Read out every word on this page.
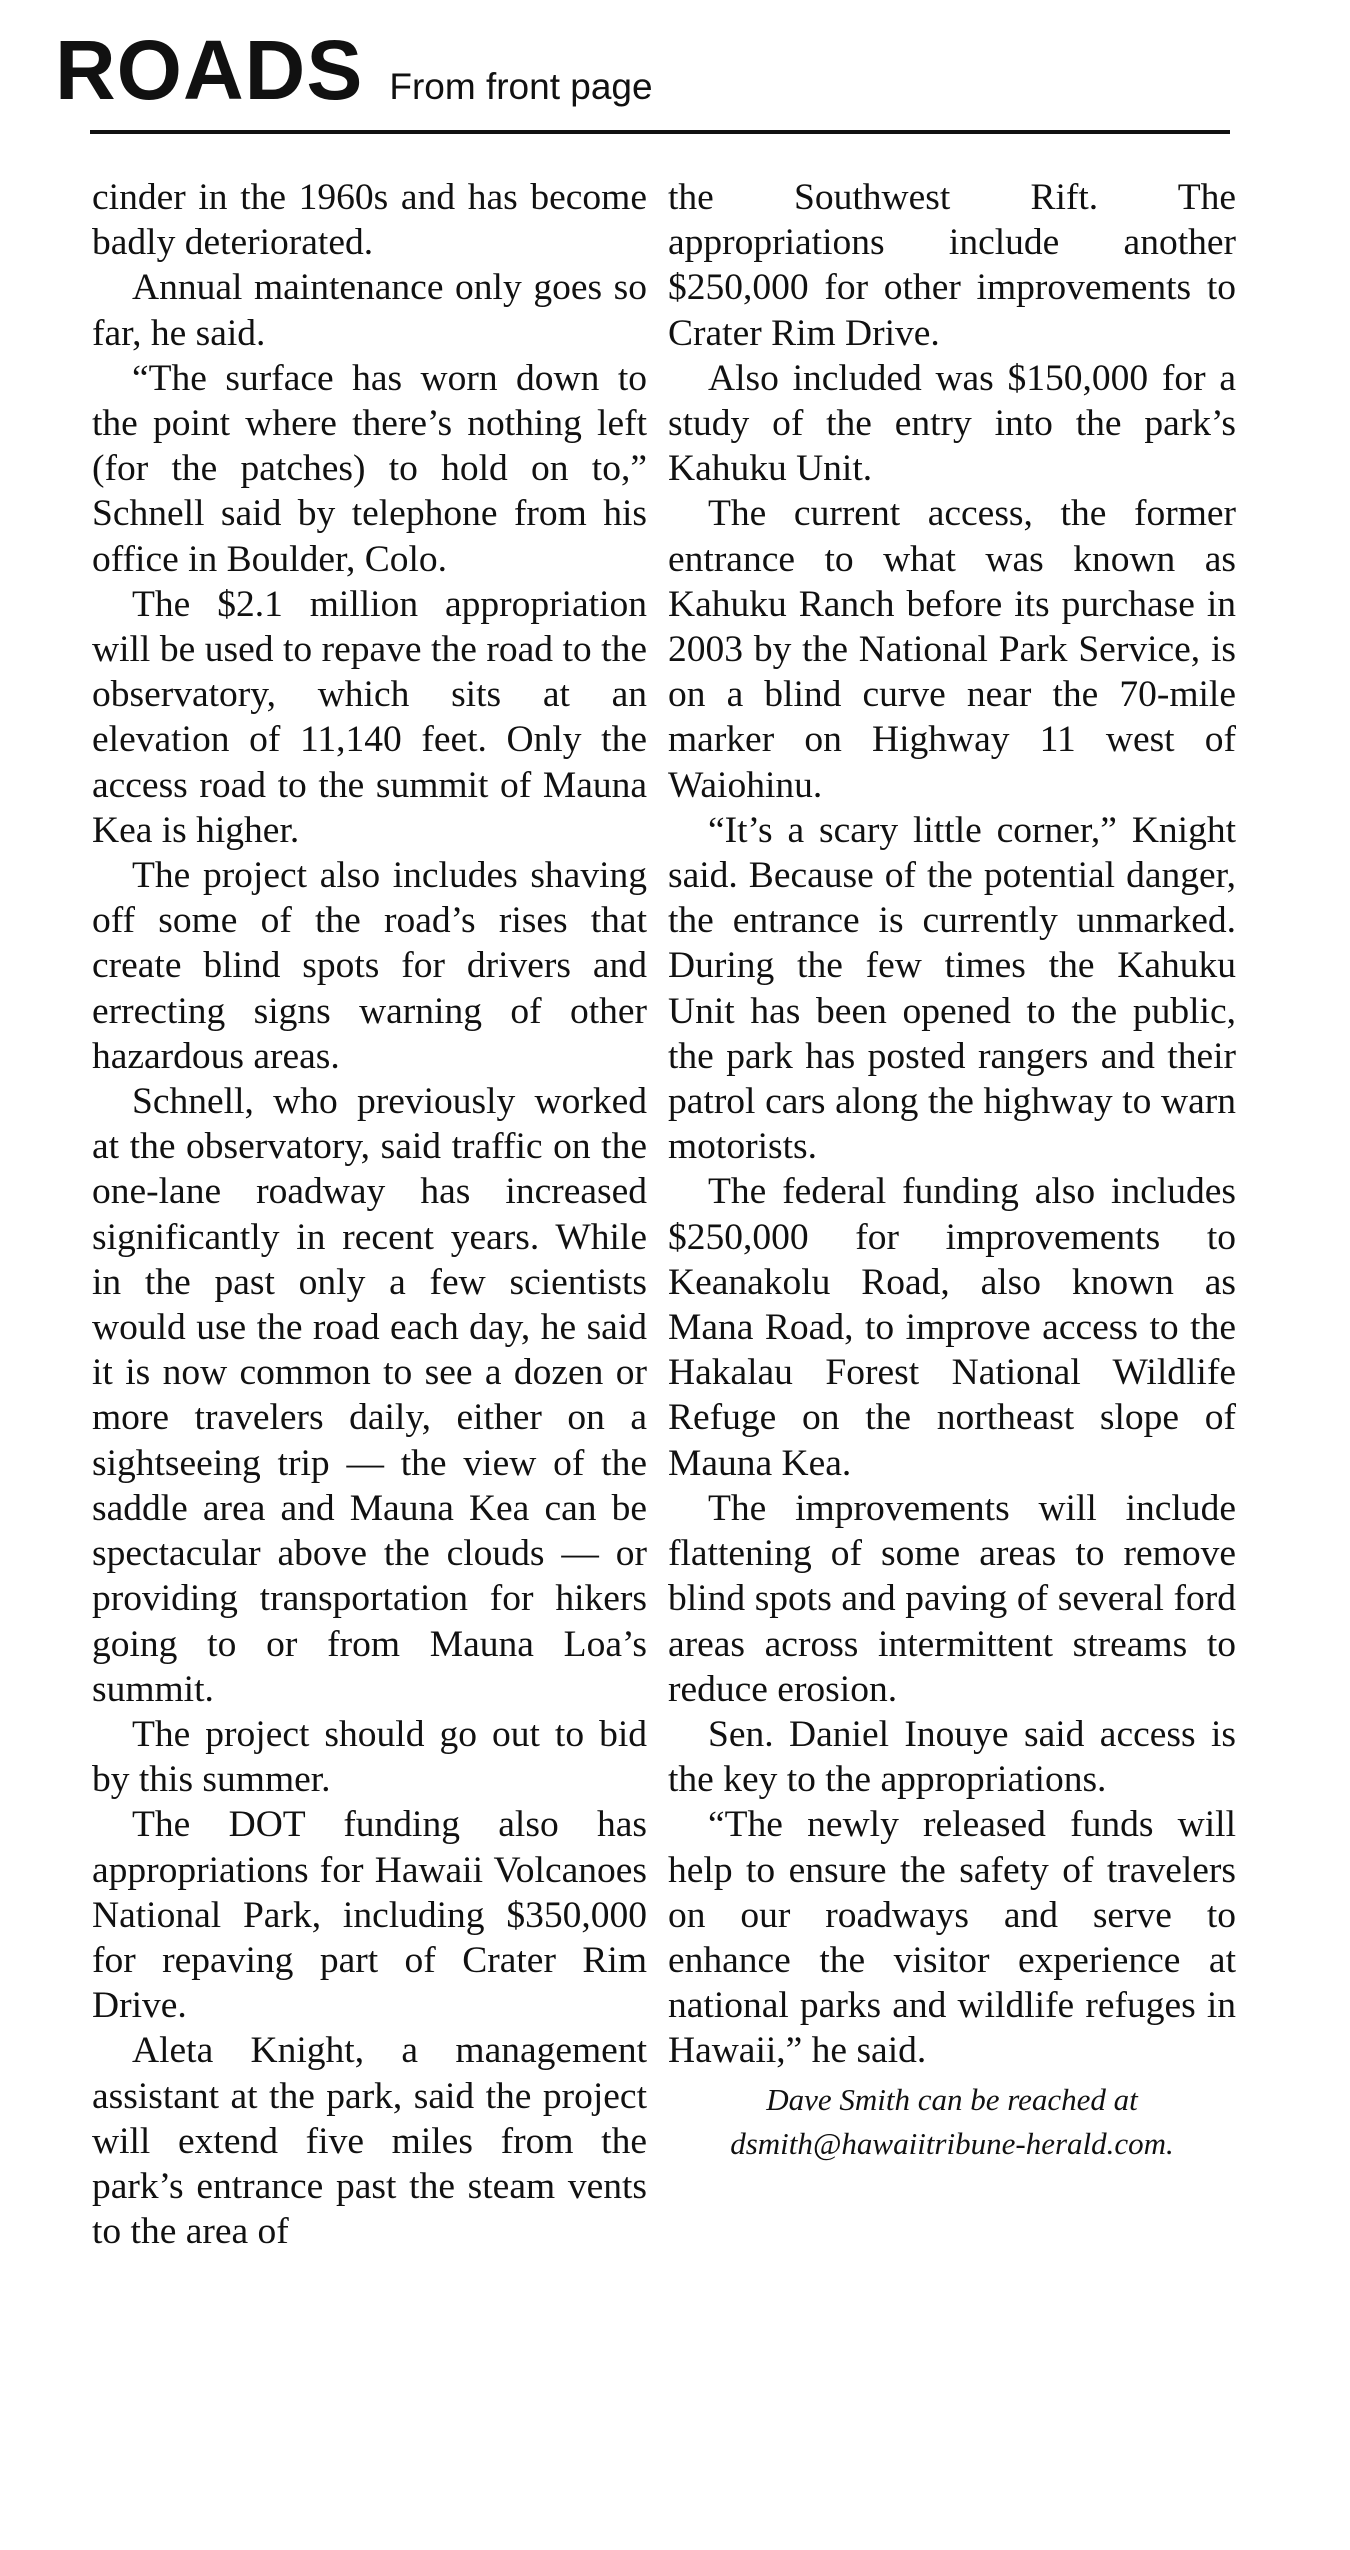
ROADS From front page

cinder in the 1960s and has become badly deteriorated.

Annual maintenance only goes so far, he said.

“The surface has worn down to the point where there’s nothing left (for the patches) to hold on to,” Schnell said by telephone from his office in Boulder, Colo.

The $2.1 million appropriation will be used to repave the road to the observatory, which sits at an elevation of 11,140 feet. Only the access road to the summit of Mauna Kea is higher.

The project also includes shaving off some of the road’s rises that create blind spots for drivers and errecting signs warning of other hazardous areas.

Schnell, who previously worked at the observatory, said traffic on the one-lane roadway has increased significantly in recent years. While in the past only a few scientists would use the road each day, he said it is now common to see a dozen or more travelers daily, either on a sightseeing trip — the view of the saddle area and Mauna Kea can be spectacular above the clouds — or providing transportation for hikers going to or from Mauna Loa’s summit.

The project should go out to bid by this summer.

The DOT funding also has appropriations for Hawaii Volcanoes National Park, including $350,000 for repaving part of Crater Rim Drive.

Aleta Knight, a management assistant at the park, said the project will extend five miles from the park’s entrance past the steam vents to the area of

the Southwest Rift. The appropriations include another $250,000 for other improvements to Crater Rim Drive.

Also included was $150,000 for a study of the entry into the park’s Kahuku Unit.

The current access, the former entrance to what was known as Kahuku Ranch before its purchase in 2003 by the National Park Service, is on a blind curve near the 70-mile marker on Highway 11 west of Waiohinu.

“It’s a scary little corner,” Knight said. Because of the potential danger, the entrance is currently unmarked. During the few times the Kahuku Unit has been opened to the public, the park has posted rangers and their patrol cars along the highway to warn motorists.

The federal funding also includes $250,000 for improvements to Keanakolu Road, also known as Mana Road, to improve access to the Hakalau Forest National Wildlife Refuge on the northeast slope of Mauna Kea.

The improvements will include flattening of some areas to remove blind spots and paving of several ford areas across intermittent streams to reduce erosion.

Sen. Daniel Inouye said access is the key to the appropriations.

“The newly released funds will help to ensure the safety of travelers on our roadways and serve to enhance the visitor experience at national parks and wildlife refuges in Hawaii,” he said.

Dave Smith can be reached at
dsmith@hawaiitribune-herald.com.
